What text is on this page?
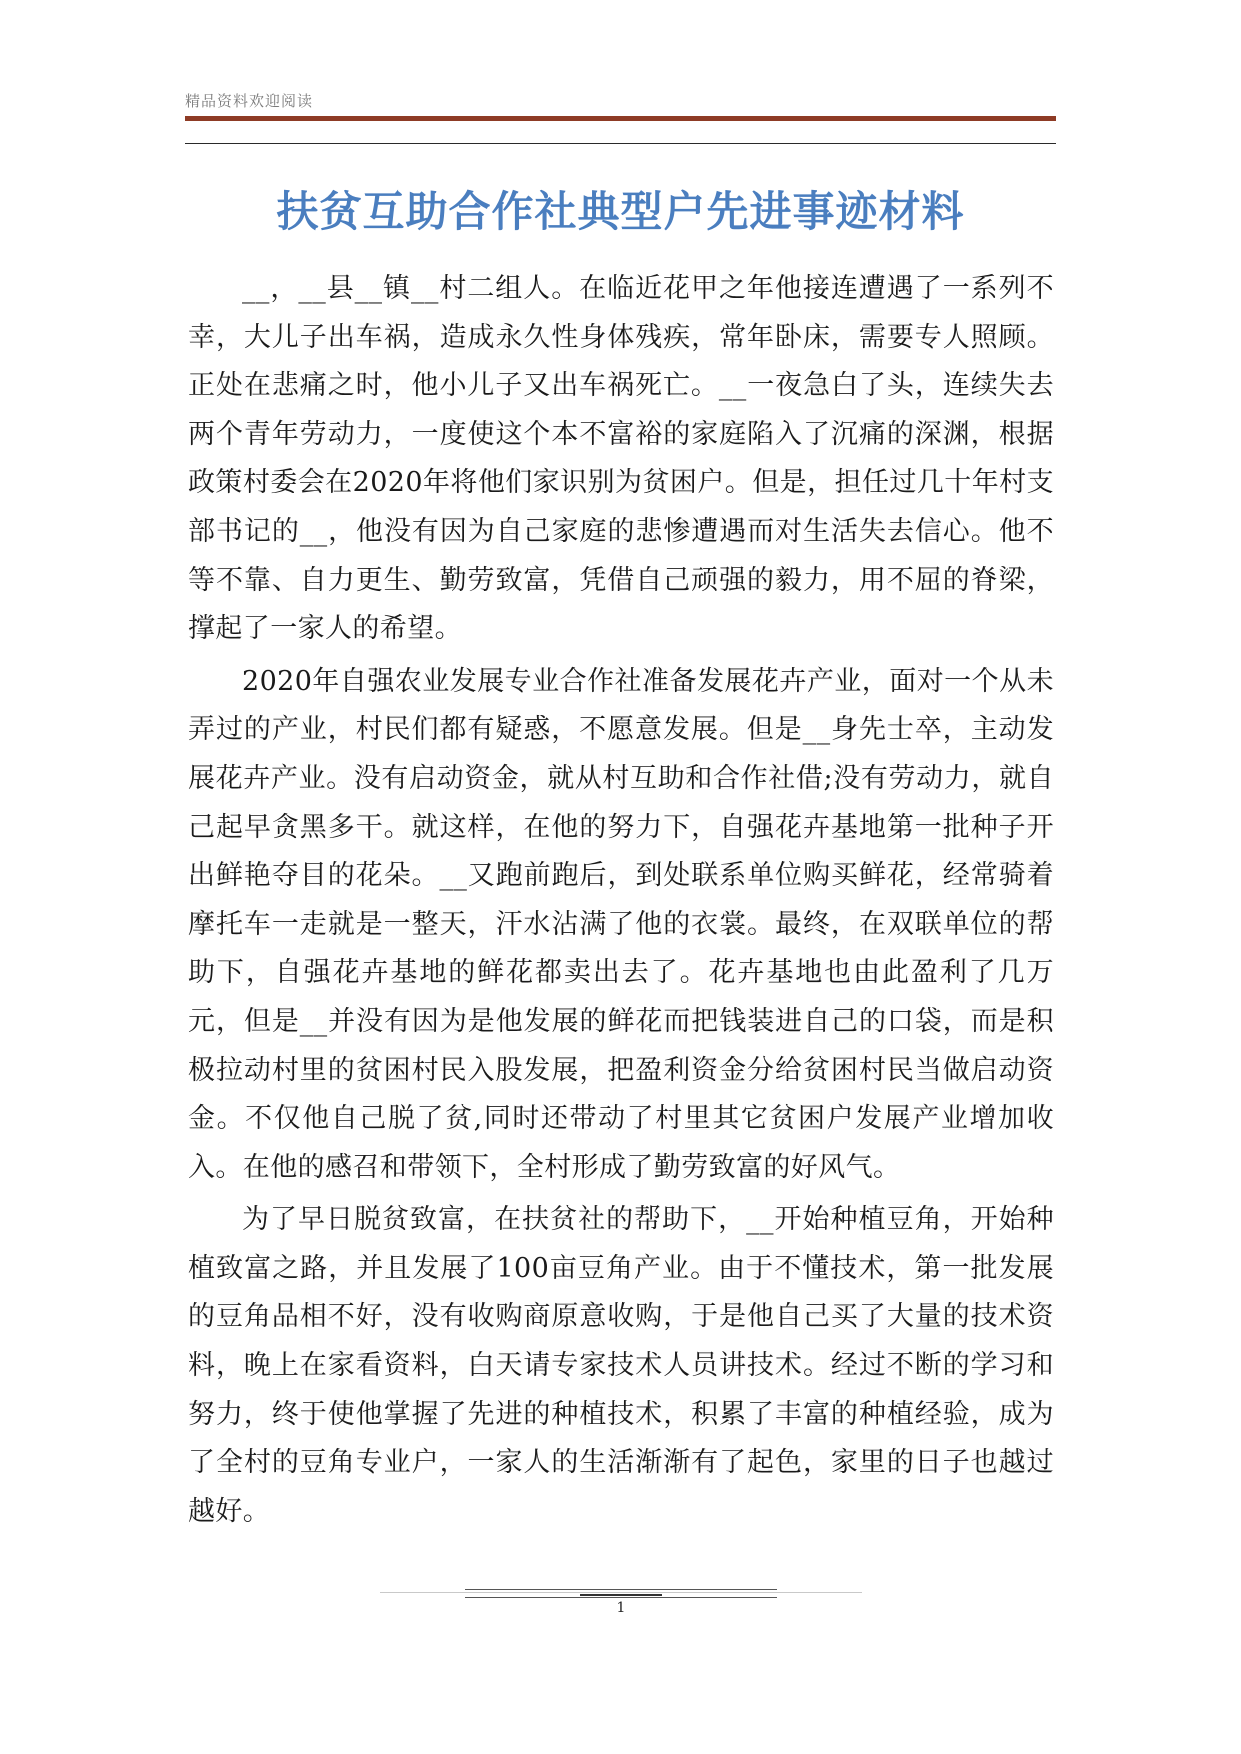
精品资料欢迎阅读
扶贫互助合作社典型户先进事迹材料

__，__县__镇__村二组人。在临近花甲之年他接连遭遇了一系列不幸，大儿子出车祸，造成永久性身体残疾，常年卧床，需要专人照顾。正处在悲痛之时，他小儿子又出车祸死亡。__一夜急白了头，连续失去两个青年劳动力，一度使这个本不富裕的家庭陷入了沉痛的深渊，根据政策村委会在2020年将他们家识别为贫困户。但是，担任过几十年村支部书记的__，他没有因为自己家庭的悲惨遭遇而对生活失去信心。他不等不靠、自力更生、勤劳致富，凭借自己顽强的毅力，用不屈的脊梁，撑起了一家人的希望。

2020年自强农业发展专业合作社准备发展花卉产业，面对一个从未弄过的产业，村民们都有疑惑，不愿意发展。但是__身先士卒，主动发展花卉产业。没有启动资金，就从村互助和合作社借;没有劳动力，就自己起早贪黑多干。就这样，在他的努力下，自强花卉基地第一批种子开出鲜艳夺目的花朵。__又跑前跑后，到处联系单位购买鲜花，经常骑着摩托车一走就是一整天，汗水沾满了他的衣裳。最终，在双联单位的帮助下，自强花卉基地的鲜花都卖出去了。花卉基地也由此盈利了几万元，但是__并没有因为是他发展的鲜花而把钱装进自己的口袋，而是积极拉动村里的贫困村民入股发展，把盈利资金分给贫困村民当做启动资金。不仅他自己脱了贫,同时还带动了村里其它贫困户发展产业增加收入。在他的感召和带领下，全村形成了勤劳致富的好风气。

为了早日脱贫致富，在扶贫社的帮助下，__开始种植豆角，开始种植致富之路，并且发展了100亩豆角产业。由于不懂技术，第一批发展的豆角品相不好，没有收购商原意收购，于是他自己买了大量的技术资料，晚上在家看资料，白天请专家技术人员讲技术。经过不断的学习和努力，终于使他掌握了先进的种植技术，积累了丰富的种植经验，成为了全村的豆角专业户，一家人的生活渐渐有了起色，家里的日子也越过越好。

1
